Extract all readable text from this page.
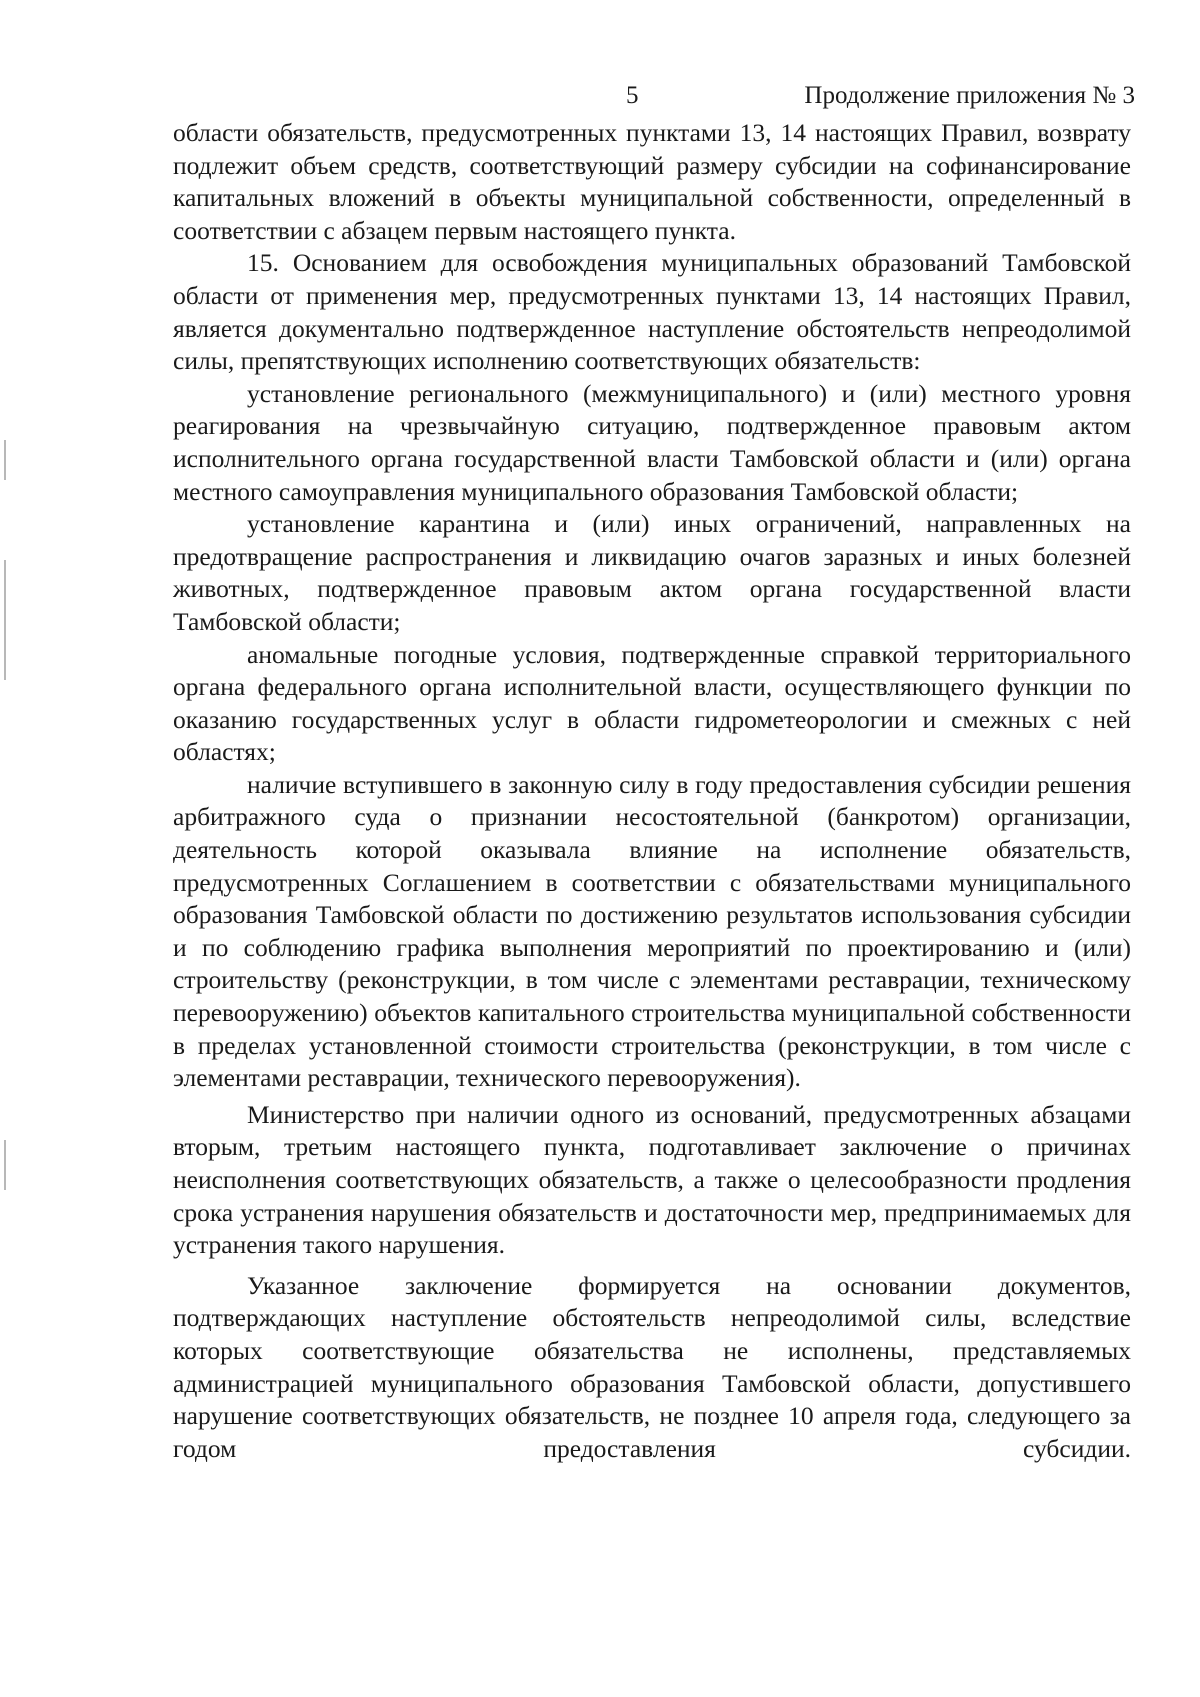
5	Продолжение приложения № 3

области обязательств, предусмотренных пунктами 13, 14 настоящих Правил, возврату подлежит объем средств, соответствующий размеру субсидии на софинансирование капитальных вложений в объекты муниципальной собственности, определенный в соответствии с абзацем первым настоящего пункта.

15. Основанием для освобождения муниципальных образований Тамбовской области от применения мер, предусмотренных пунктами 13, 14 настоящих Правил, является документально подтвержденное наступление обстоятельств непреодолимой силы, препятствующих исполнению соответствующих обязательств:

установление регионального (межмуниципального) и (или) местного уровня реагирования на чрезвычайную ситуацию, подтвержденное правовым актом исполнительного органа государственной власти Тамбовской области и (или) органа местного самоуправления муниципального образования Тамбовской области;

установление карантина и (или) иных ограничений, направленных на предотвращение распространения и ликвидацию очагов заразных и иных болезней животных, подтвержденное правовым актом органа государственной власти Тамбовской области;

аномальные погодные условия, подтвержденные справкой территориального органа федерального органа исполнительной власти, осуществляющего функции по оказанию государственных услуг в области гидрометеорологии и смежных с ней областях;

наличие вступившего в законную силу в году предоставления субсидии решения арбитражного суда о признании несостоятельной (банкротом) организации, деятельность которой оказывала влияние на исполнение обязательств, предусмотренных Соглашением в соответствии с обязательствами муниципального образования Тамбовской области по достижению результатов использования субсидии и по соблюдению графика выполнения мероприятий по проектированию и (или) строительству (реконструкции, в том числе с элементами реставрации, техническому перевооружению) объектов капитального строительства муниципальной собственности в пределах установленной стоимости строительства (реконструкции, в том числе с элементами реставрации, технического перевооружения).

Министерство при наличии одного из оснований, предусмотренных абзацами вторым, третьим настоящего пункта, подготавливает заключение о причинах неисполнения соответствующих обязательств, а также о целесообразности продления срока устранения нарушения обязательств и достаточности мер, предпринимаемых для устранения такого нарушения.

Указанное заключение формируется на основании документов, подтверждающих наступление обстоятельств непреодолимой силы, вследствие которых соответствующие обязательства не исполнены, представляемых администрацией муниципального образования Тамбовской области, допустившего нарушение соответствующих обязательств, не позднее 10 апреля года, следующего за годом предоставления субсидии.
